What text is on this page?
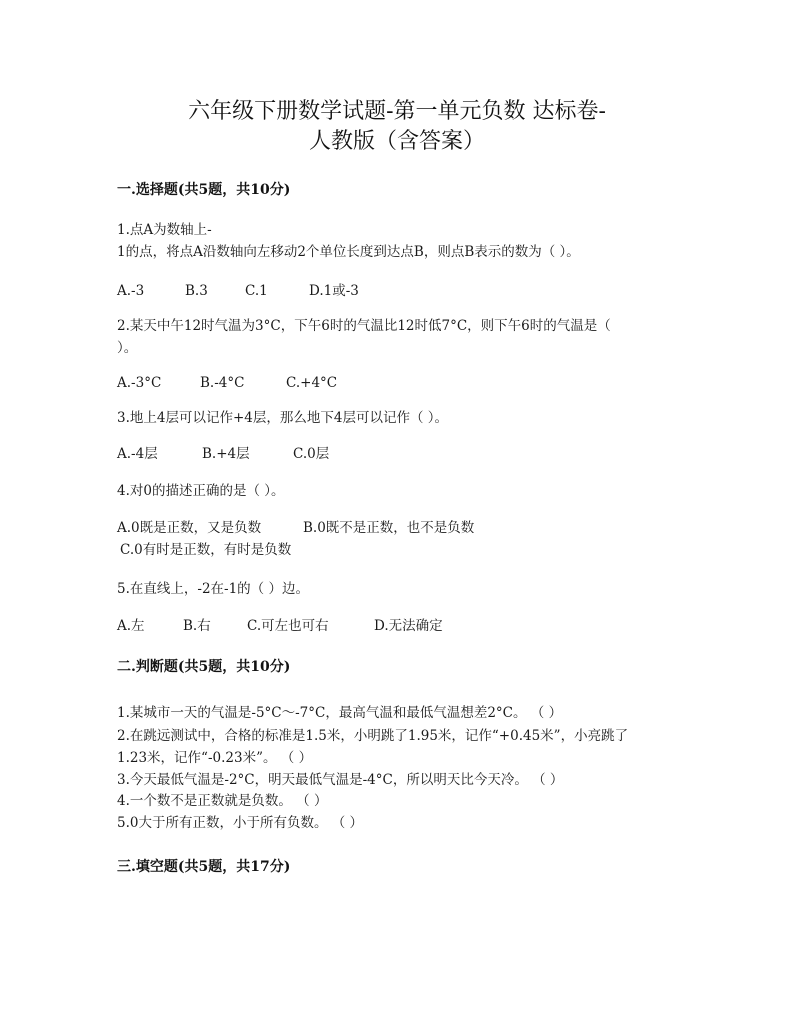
六年级下册数学试题-第一单元负数 达标卷-
人教版（含答案）
一.选择题(共5题，共10分)
1.点A为数轴上-
1的点，将点A沿数轴向左移动2个单位长度到达点B，则点B表示的数为（ ）。
A.-3	B.3	C.1	D.1或-3
2.某天中午12时气温为3°C，下午6时的气温比12时低7°C，则下午6时的气温是（
）。
A.-3°C	B.-4°C	C.+4°C
3.地上4层可以记作+4层，那么地下4层可以记作（ ）。
A.-4层	B.+4层	C.0层
4.对0的描述正确的是（ ）。
A.0既是正数，又是负数	B.0既不是正数，也不是负数
C.0有时是正数，有时是负数
5.在直线上，-2在-1的（ ）边。
A.左	B.右	C.可左也可右	D.无法确定
二.判断题(共5题，共10分)
1.某城市一天的气温是-5°C～-7°C，最高气温和最低气温想差2°C。 （ ）
2.在跳远测试中，合格的标准是1.5米，小明跳了1.95米，记作“+0.45米”，小亮跳了
1.23米，记作“-0.23米”。 （ ）
3.今天最低气温是-2°C，明天最低气温是-4°C，所以明天比今天冷。 （ ）
4.一个数不是正数就是负数。 （ ）
5.0大于所有正数，小于所有负数。 （ ）
三.填空题(共5题，共17分)
